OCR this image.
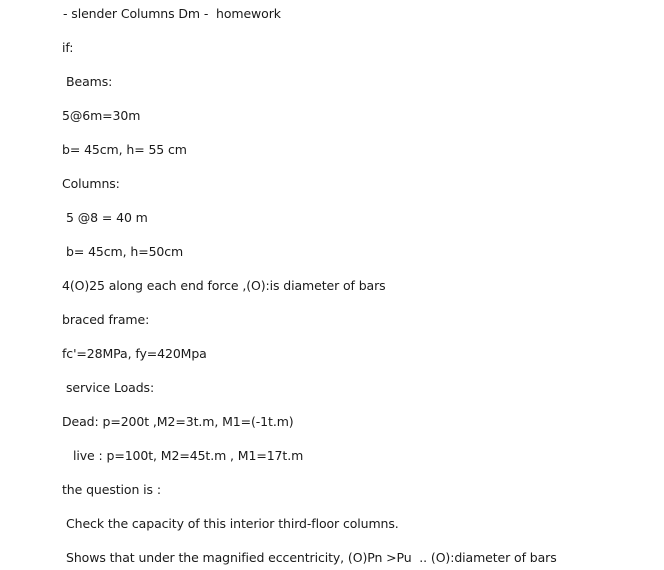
- slender Columns Dm -  homework
if:
Beams:
5@6m=30m
b= 45cm, h= 55 cm
Columns:
5 @8 = 40 m
b= 45cm, h=50cm
4(O)25 along each end force ,(O):is diameter of bars
braced frame:
fc'=28MPa, fy=420Mpa
service Loads:
Dead: p=200t ,M2=3t.m, M1=(-1t.m)
live : p=100t, M2=45t.m , M1=17t.m
the question is :
Check the capacity of this interior third-floor columns.
Shows that under the magnified eccentricity, (O)Pn >Pu  .. (O):diameter of bars
